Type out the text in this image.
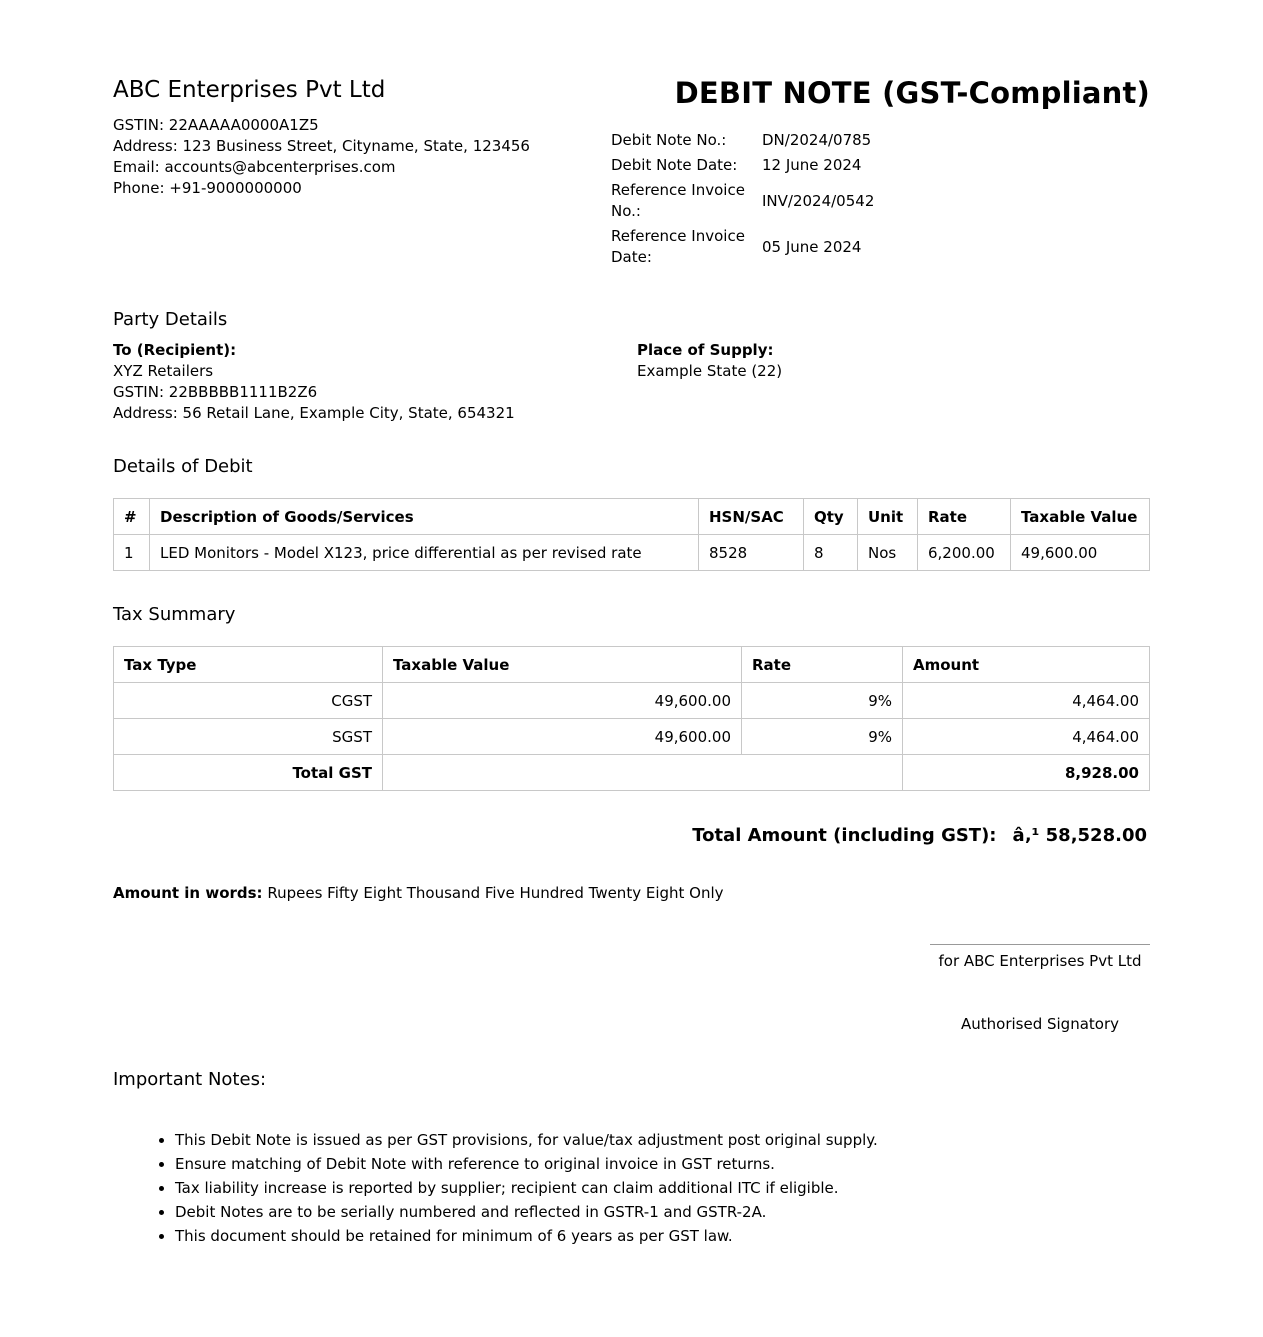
ABC Enterprises Pvt Ltd
GSTIN: 22AAAAA0000A1Z5
Address: 123 Business Street, Cityname, State, 123456
Email: accounts@abcenterprises.com
Phone: +91-9000000000
DEBIT NOTE (GST-Compliant)
Debit Note No.:	DN/2024/0785
Debit Note Date:	12 June 2024
Reference Invoice No.:	INV/2024/0542
Reference Invoice Date:	05 June 2024
Party Details
To (Recipient):
XYZ Retailers
GSTIN: 22BBBBB1111B2Z6
Address: 56 Retail Lane, Example City, State, 654321
Place of Supply:
Example State (22)
Details of Debit
#	Description of Goods/Services	HSN/SAC	Qty	Unit	Rate	Taxable Value
1	LED Monitors - Model X123, price differential as per revised rate	8528	8	Nos	6,200.00	49,600.00
Tax Summary
Tax Type	Taxable Value	Rate	Amount
CGST	49,600.00	9%	4,464.00
SGST	49,600.00	9%	4,464.00
Total GST			8,928.00
Total Amount (including GST): â‚¹ 58,528.00
Amount in words: Rupees Fifty Eight Thousand Five Hundred Twenty Eight Only
for ABC Enterprises Pvt Ltd
Authorised Signatory
Important Notes:
• This Debit Note is issued as per GST provisions, for value/tax adjustment post original supply.
• Ensure matching of Debit Note with reference to original invoice in GST returns.
• Tax liability increase is reported by supplier; recipient can claim additional ITC if eligible.
• Debit Notes are to be serially numbered and reflected in GSTR-1 and GSTR-2A.
• This document should be retained for minimum of 6 years as per GST law.
